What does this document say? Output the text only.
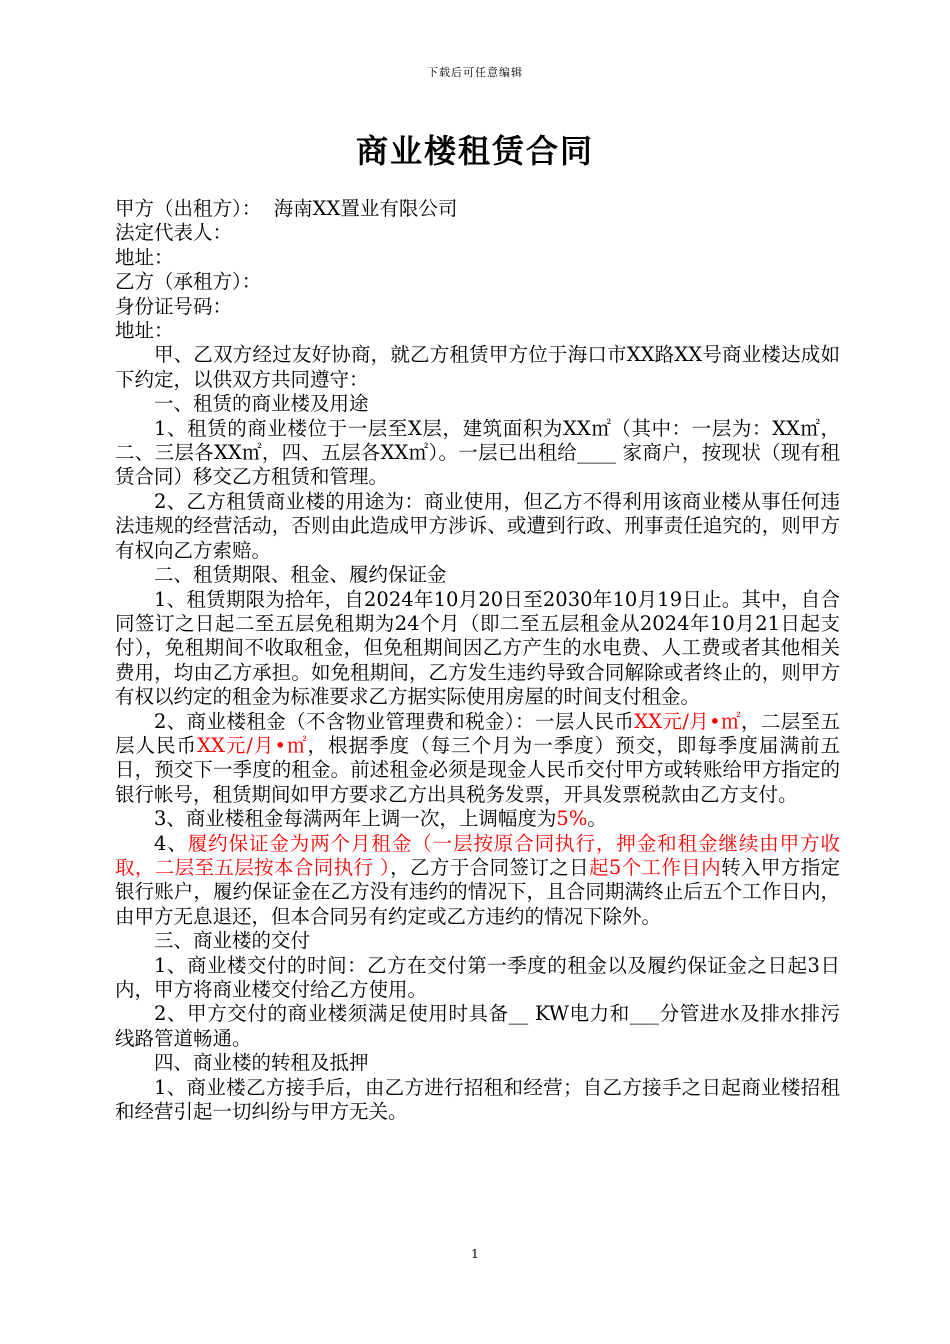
下载后可任意编辑
商业楼租赁合同

甲方（出租方）： 海南XX置业有限公司

法定代表人：

地址：

乙方（承租方）：

身份证号码：

地址：

甲、乙双方经过友好协商，就乙方租赁甲方位于海口市XX路XX号商业楼达成如下约定，以供双方共同遵守：

一、租赁的商业楼及用途

1、租赁的商业楼位于一层至X层，建筑面积为XX㎡（其中：一层为：XX㎡，二、三层各XX㎡，四、五层各XX㎡）。一层已出租给____ 家商户，按现状（现有租赁合同）移交乙方租赁和管理。

2、乙方租赁商业楼的用途为：商业使用，但乙方不得利用该商业楼从事任何违法违规的经营活动，否则由此造成甲方涉诉、或遭到行政、刑事责任追究的，则甲方有权向乙方索赔。

二、租赁期限、租金、履约保证金

1、租赁期限为拾年，自2024年10月20日至2030年10月19日止。其中，自合同签订之日起二至五层免租期为24个月（即二至五层租金从2024年10月21日起支付），免租期间不收取租金，但免租期间因乙方产生的水电费、人工费或者其他相关费用，均由乙方承担。如免租期间，乙方发生违约导致合同解除或者终止的，则甲方有权以约定的租金为标准要求乙方据实际使用房屋的时间支付租金。

2、商业楼租金（不含物业管理费和税金）：一层人民币XX元/月•㎡，二层至五层人民币XX元/月•㎡，根据季度（每三个月为一季度）预交，即每季度届满前五日，预交下一季度的租金。前述租金必须是现金人民币交付甲方或转账给甲方指定的银行帐号，租赁期间如甲方要求乙方出具税务发票，开具发票税款由乙方支付。

3、商业楼租金每满两年上调一次，上调幅度为5%。

4、履约保证金为两个月租金（一层按原合同执行，押金和租金继续由甲方收取，二层至五层按本合同执行 ），乙方于合同签订之日起5个工作日内转入甲方指定银行账户，履约保证金在乙方没有违约的情况下，且合同期满终止后五个工作日内，由甲方无息退还，但本合同另有约定或乙方违约的情况下除外。

三、商业楼的交付

1、商业楼交付的时间：乙方在交付第一季度的租金以及履约保证金之日起3日内，甲方将商业楼交付给乙方使用。

2、甲方交付的商业楼须满足使用时具备__ KW电力和___分管进水及排水排污线路管道畅通。

四、商业楼的转租及抵押

1、商业楼乙方接手后，由乙方进行招租和经营；自乙方接手之日起商业楼招租和经营引起一切纠纷与甲方无关。

1
